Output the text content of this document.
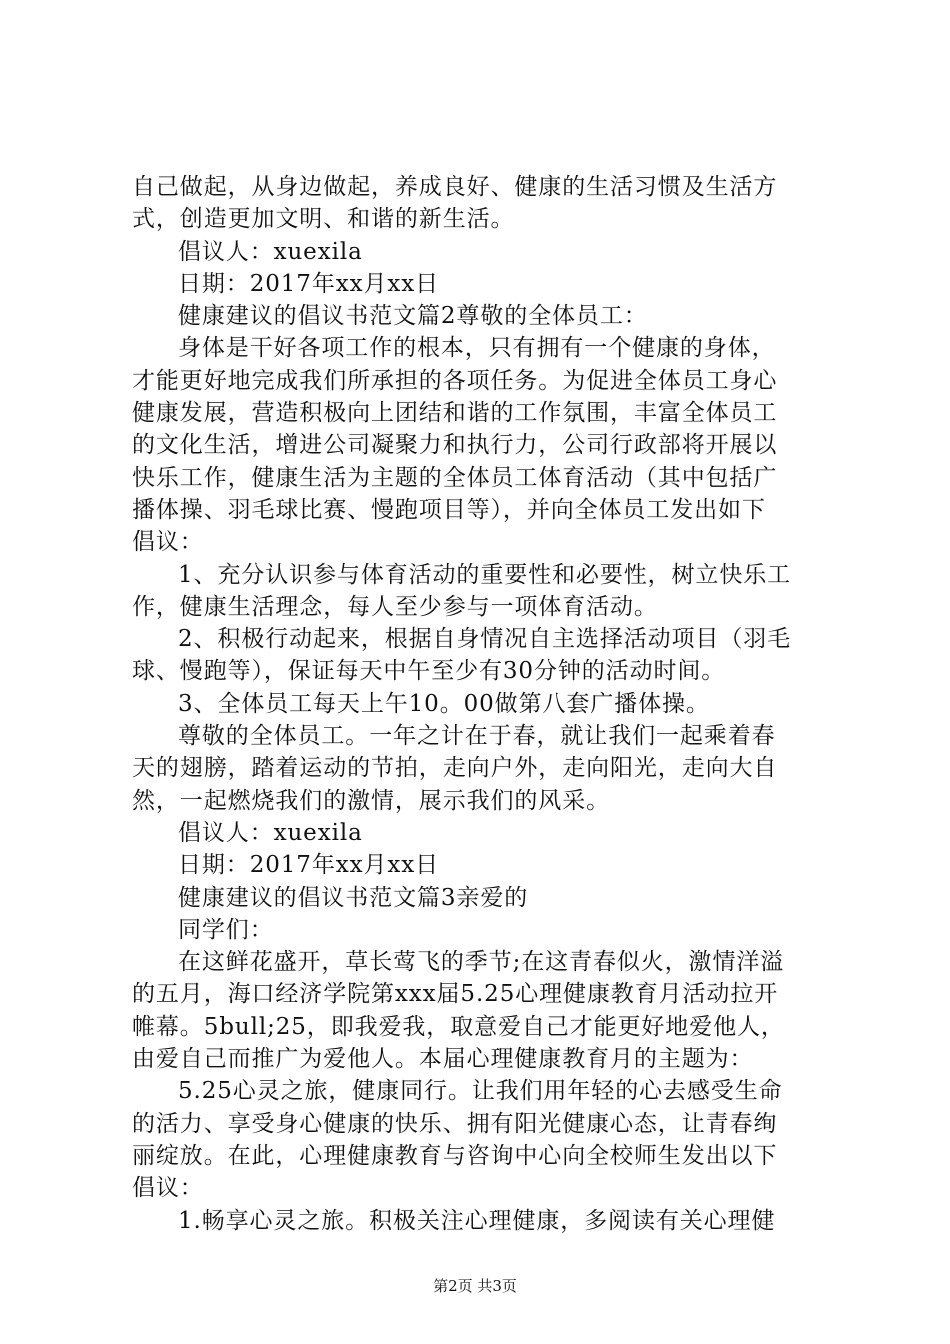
自己做起，从身边做起，养成良好、健康的生活习惯及生活方
式，创造更加文明、和谐的新生活。
倡议人：xuexila
日期：2017年xx月xx日
健康建议的倡议书范文篇2尊敬的全体员工：
身体是干好各项工作的根本，只有拥有一个健康的身体，
才能更好地完成我们所承担的各项任务。为促进全体员工身心
健康发展，营造积极向上团结和谐的工作氛围，丰富全体员工
的文化生活，增进公司凝聚力和执行力，公司行政部将开展以
快乐工作，健康生活为主题的全体员工体育活动（其中包括广
播体操、羽毛球比赛、慢跑项目等），并向全体员工发出如下
倡议：
1、充分认识参与体育活动的重要性和必要性，树立快乐工
作，健康生活理念，每人至少参与一项体育活动。
2、积极行动起来，根据自身情况自主选择活动项目（羽毛
球、慢跑等），保证每天中午至少有30分钟的活动时间。
3、全体员工每天上午10。00做第八套广播体操。
尊敬的全体员工。一年之计在于春，就让我们一起乘着春
天的翅膀，踏着运动的节拍，走向户外，走向阳光，走向大自
然，一起燃烧我们的激情，展示我们的风采。
倡议人：xuexila
日期：2017年xx月xx日
健康建议的倡议书范文篇3亲爱的
同学们：
在这鲜花盛开，草长莺飞的季节;在这青春似火，激情洋溢
的五月，海口经济学院第xxx届5.25心理健康教育月活动拉开
帷幕。5bull;25，即我爱我，取意爱自己才能更好地爱他人，
由爱自己而推广为爱他人。本届心理健康教育月的主题为：
5.25心灵之旅，健康同行。让我们用年轻的心去感受生命
的活力、享受身心健康的快乐、拥有阳光健康心态，让青春绚
丽绽放。在此，心理健康教育与咨询中心向全校师生发出以下
倡议：
1.畅享心灵之旅。积极关注心理健康，多阅读有关心理健
第2页 共3页
